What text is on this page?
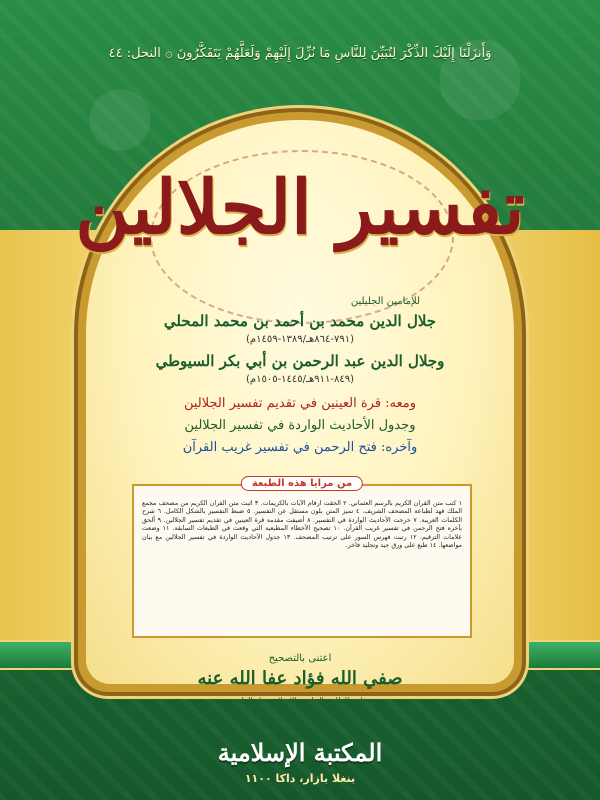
وَأَنزَلْنَا إِلَيْكَ الذِّكْرَ لِتُبَيِّنَ لِلنَّاسِ مَا نُزِّلَ إِلَيْهِمْ وَلَعَلَّهُمْ يَتَفَكَّرُونَ ۞ النحل: ٤٤
تفسير الجلالين
للإمامين الجليلين
جلال الدين محمد بن أحمد بن محمد المحلي
(٧٩١-٨٦٤هـ/١٣٨٩-١٤٥٩م)
وجلال الدين عبد الرحمن بن أبي بكر السيوطي
(٨٤٩-٩١١هـ/١٤٤٥-١٥٠٥م)
ومعه: قرة العينين في تقديم تفسير الجلالين
وجدول الأحاديث الواردة في تفسير الجلالين
وآخره: فتح الرحمن في تفسير غريب القرآن
من مزايا هذه الطبعة
١ كتب متن القرآن الكريم بالرسم العثماني. ٢ ألحقت أرقام الآيات بالكريمات. ٣ أثبت متن القرآن الكريم من مصحف مجمع الملك فهد لطباعة المصحف الشريف. ٤ تميز المتن بلون مستقل عن التفسير. ٥ ضبط التفسير بالشكل الكامل. ٦ شرح الكلمات الغريبة. ٧ خرجت الأحاديث الواردة في التفسير. ٨ أضيفت مقدمة قرة العينين في تقديم تفسير الجلالين. ٩ ألحق بآخره فتح الرحمن في تفسير غريب القرآن. ١٠ تصحيح الأخطاء المطبعية التي وقعت في الطبعات السابقة. ١١ وضعت علامات الترقيم. ١٢ رتبت فهرس السور على ترتيب المصحف. ١٣ جدول الأحاديث الواردة في تفسير الجلالين مع بيان مواضعها. ١٤ طبع على ورق جيد وتجليد فاخر.
اعتنى بالتصحيح
صفي الله فؤاد عفا الله عنه
خادم الطلبة بالجامعة الإسلامية دار العلوم
المكتبة الإسلامية
بنغلا بازار، داكا ١١٠٠
